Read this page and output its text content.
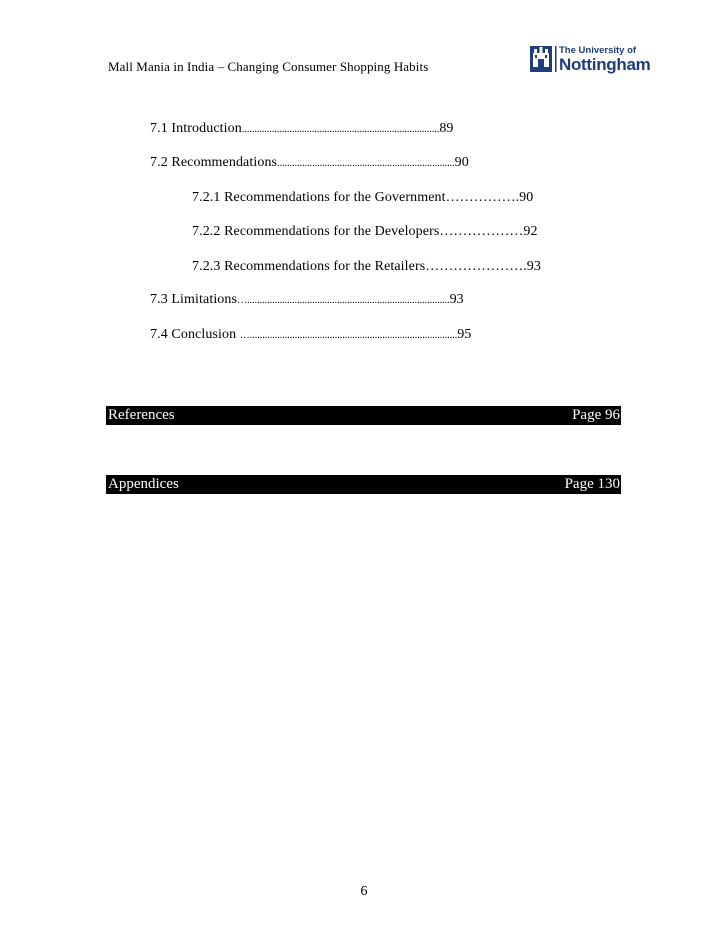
Mall Mania in India – Changing Consumer Shopping Habits
The University of
Nottingham
7.1 Introduction...............................................................................89
7.2 Recommendations.......................................................................90
7.2.1 Recommendations for the Government…………….90
7.2.2 Recommendations for the Developers………………92
7.2.3 Recommendations for the Retailers………………….93
7.3 Limitations….................................................................................93
7.4 Conclusion …...................................................................................95
References	Page 96
Appendices	Page 130
6
